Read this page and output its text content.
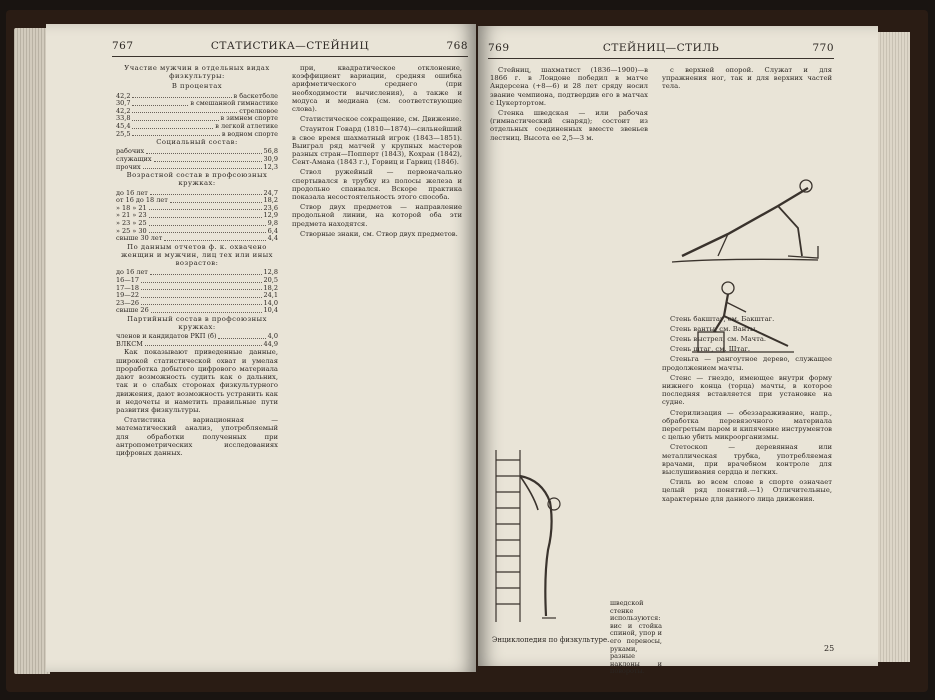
767	СТАТИСТИКА—СТЕЙНИЦ	768

Участие мужчин в отдельных видах физкультуры:

В процентах

42,2	в баскетболе
30,7	в смешанной гимнастике
42,2	стрелковое
33,8	в зимнем спорте
45,4	в легкой атлетике
25,5	в водном спорте

Социальный состав:

рабочих	56,8
служащих	30,9
прочих	12,3

Возрастной состав в профсоюзных кружках:

до 16 лет	24,7
от 16 до 18 лет	18,2
» 18 » 21	23,6
» 21 » 23	12,9
» 23 » 25	9,8
» 25 » 30	6,4
свыше 30 лет	4,4

По данным отчетов ф. к. охвачено женщин и мужчин, лиц тех или иных возрастов:

до 16 лет	12,8
16—17	20,5
17—18	18,2
19—22	24,1
23—26	14,0
свыше 26	10,4

Партийный состав в профсоюзных кружках:

членов и кандидатов РКП (б)	4,0
ВЛКСМ	44,9

Как показывают приведенные данные, широкой статистической охват и умелая проработка добытого цифрового материала дают возможность судить как о дальних, так и о слабых сторонах физкультурного движения, дают возможность устранить как и недочеты и наметить правильные пути развития физкультуры.

Статистика вариационная — математический анализ, употребляемый для обработки полученных при антропометрических исследованиях цифровых данных.

при, квадратическое отклонение, коэффициент вариации, средняя ошибка арифметического среднего (при необходимости вычисления), а также и модуса и медиана (см. соответствующие слова).

Статистическое сокращение, см. Движение.

Стаунтон Говард (1810—1874)—сильнейший в свое время шахматный игрок (1843—1851). Выиграл ряд матчей у крупных мастеров разных стран—Попперт (1843), Кохран (1842), Сент-Амана (1843 г.), Горвиц и Гарвиц (1846).

Ствол ружейный — первоначально спертывался в трубку из полосы железа и продольно спаивался. Вскоре практика показала несостоятельность этого способа.

Створ двух предметов — направление продольной линии, на которой оба эти предмета находятся.

Створные знаки, см. Створ двух предметов.

769	СТЕЙНИЦ—СТИЛЬ	770

Стейниц, шахматист (1836—1900)—в 1866 г. в Лондоне победил в матче Андерсена (+8—6) и 28 лет сряду носил звание чемпиона, подтвердив его в матчах с Цукертортом.

Стенка шведская — или рабочая (гимнастический снаряд); состоит из отдельных соединенных вместе звеньев лестниц. Высота ее 2,5—3 м.

с верхней опорой. Служат и для упражнения ног, так и для верхних частей тела.

Стень бакштаг, см. Бакштаг.

Стень ванты, см. Ванты.

Стень выстрел, см. Мачта.

Стень штаг, см. Штаг.

Стеньга — рангоутное дерево, служащее продолжением мачты.

Стенс — гнездо, имеющее внутри форму нижнего конца (торца) мачты, в которое последняя вставляется при установке на судне.

Стерилизация — обеззараживание, напр., обработка перевязочного материала перегретым паром и кипячение инструментов с целью убить микроорганизмы.

Стетоскоп — деревянная или металлическая трубка, употребляемая врачами, при врачебном контроле для выслушивания сердца и легких.

Стиль во всем слове в спорте означает целый ряд понятий.—1) Отличительные, характерные для данного лица движения.

шведской стенке используются: вис и стойка спиной, упор и его переносы, руками, разные наклоны и повороты.
Энциклопедия по физкультуре.
25
